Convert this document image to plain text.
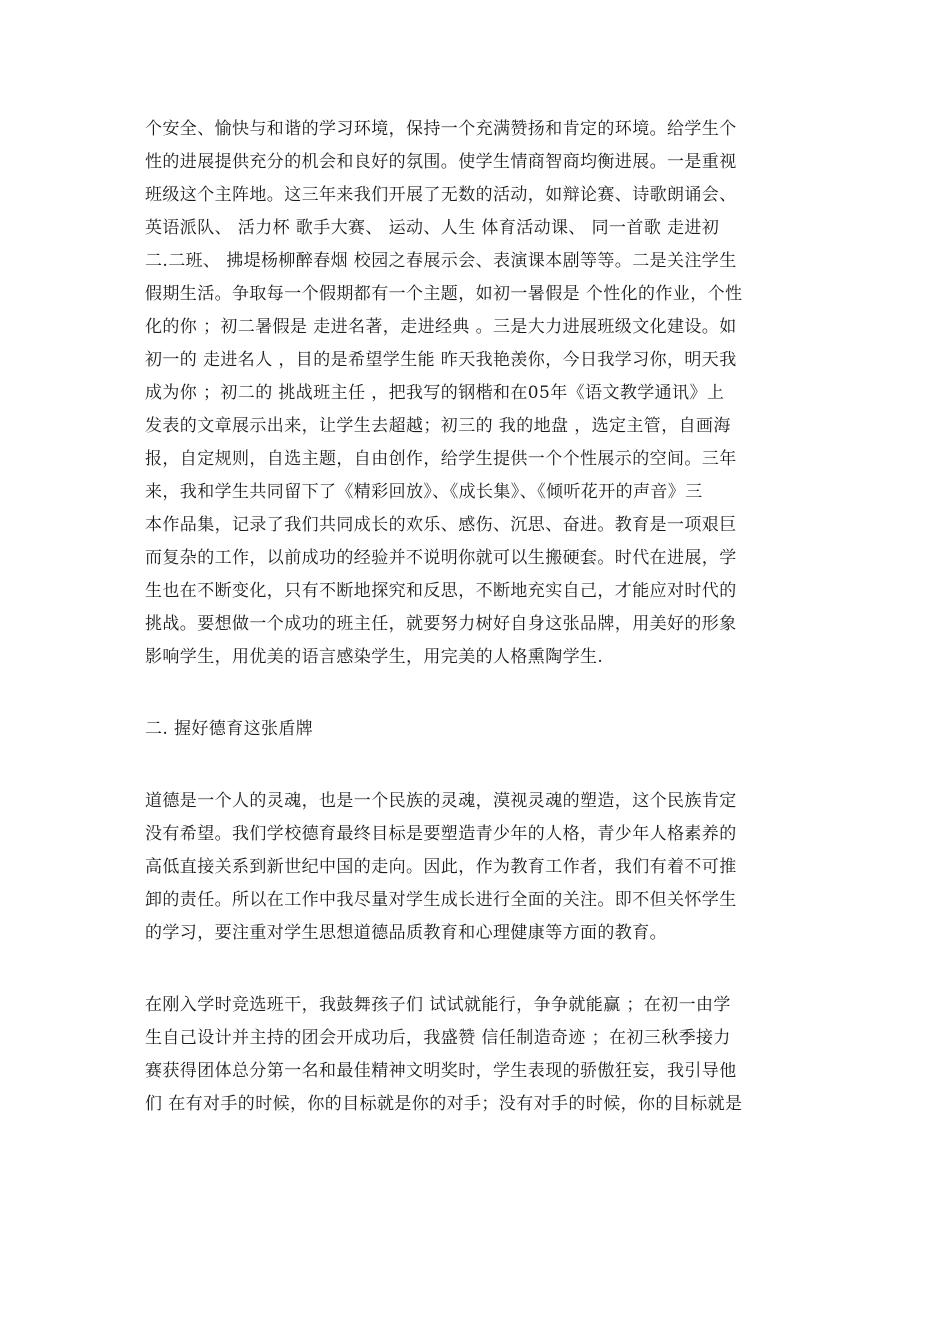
个安全、愉快与和谐的学习环境，保持一个充满赞扬和肯定的环境。给学生个
性的进展提供充分的机会和良好的氛围。使学生情商智商均衡进展。一是重视
班级这个主阵地。这三年来我们开展了无数的活动，如辩论赛、诗歌朗诵会、
英语派队、 活力杯 歌手大赛、 运动、人生 体育活动课、 同一首歌 走进初
二.二班、 拂堤杨柳醉春烟 校园之春展示会、表演课本剧等等。二是关注学生
假期生活。争取每一个假期都有一个主题，如初一暑假是 个性化的作业，个性
化的你 ；初二暑假是 走进名著，走进经典 。三是大力进展班级文化建设。如
初一的 走进名人 ，目的是希望学生能 昨天我艳羡你，今日我学习你，明天我
成为你 ；初二的 挑战班主任 ，把我写的钢楷和在05年《语文教学通讯》上
发表的文章展示出来，让学生去超越；初三的 我的地盘 ，选定主管，自画海
报，自定规则，自选主题，自由创作，给学生提供一个个性展示的空间。三年
来，我和学生共同留下了《精彩回放》、《成长集》、《倾听花开的声音》三
本作品集，记录了我们共同成长的欢乐、感伤、沉思、奋进。教育是一项艰巨
而复杂的工作，以前成功的经验并不说明你就可以生搬硬套。时代在进展，学
生也在不断变化，只有不断地探究和反思，不断地充实自己，才能应对时代的
挑战。要想做一个成功的班主任，就要努力树好自身这张品牌，用美好的形象
影响学生，用优美的语言感染学生，用完美的人格熏陶学生.
二. 握好德育这张盾牌
道德是一个人的灵魂，也是一个民族的灵魂，漠视灵魂的塑造，这个民族肯定
没有希望。我们学校德育最终目标是要塑造青少年的人格，青少年人格素养的
高低直接关系到新世纪中国的走向。因此，作为教育工作者，我们有着不可推
卸的责任。所以在工作中我尽量对学生成长进行全面的关注。即不但关怀学生
的学习，要注重对学生思想道德品质教育和心理健康等方面的教育。
在刚入学时竞选班干，我鼓舞孩子们 试试就能行，争争就能赢 ；在初一由学
生自己设计并主持的团会开成功后，我盛赞 信任制造奇迹 ；在初三秋季接力
赛获得团体总分第一名和最佳精神文明奖时，学生表现的骄傲狂妄，我引导他
们 在有对手的时候，你的目标就是你的对手；没有对手的时候，你的目标就是
